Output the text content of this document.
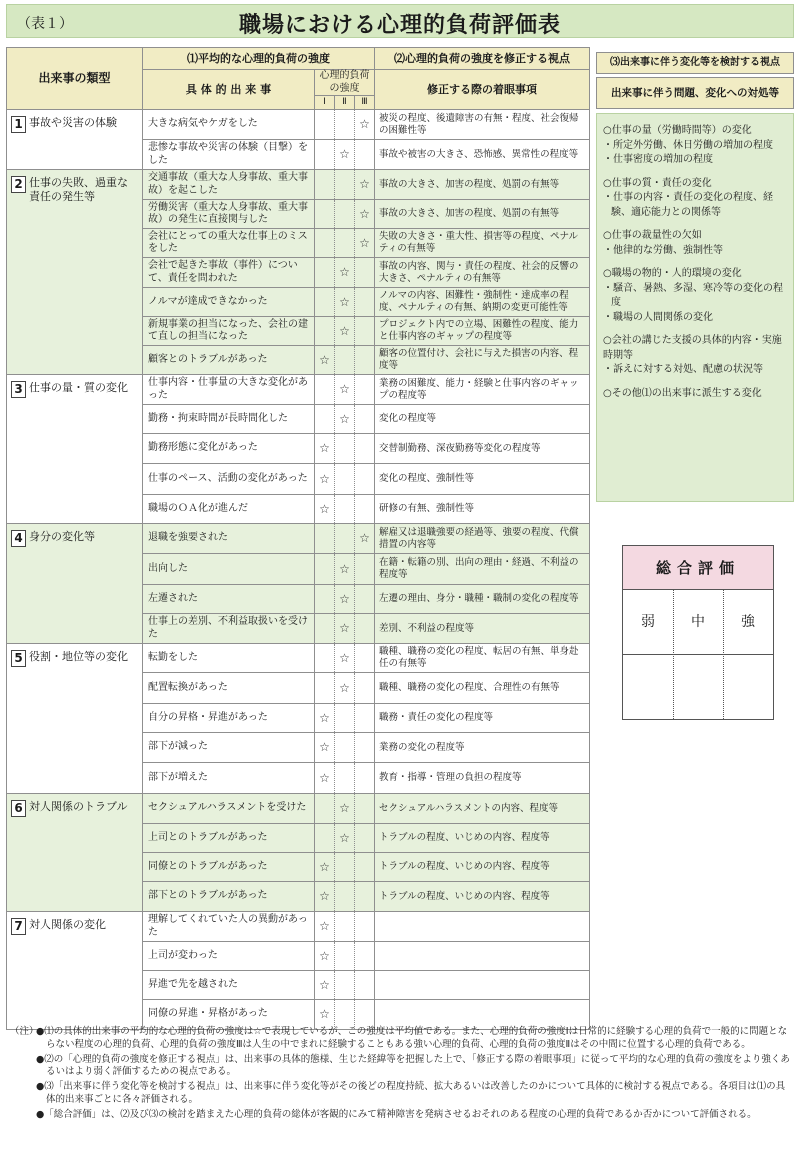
（表１）	職場における心理的負荷評価表
出来事の類型	⑴平均的な心理的負荷の強度				⑵心理的負荷の強度を修正する視点
	具 体 的 出 来 事	心理的負荷の強度			修正する際の着眼事項
		Ⅰ	Ⅱ	Ⅲ	

1 事故や災害の体験	大きな病気やケガをした			☆	被災の程度、後遺障害の有無・程度、社会復帰の困難性等
	悲惨な事故や災害の体験（目撃）をした		☆		事故や被害の大きさ、恐怖感、異常性の程度等
2 仕事の失敗、過重な責任の発生等	交通事故（重大な人身事故、重大事故）を起こした			☆	事故の大きさ、加害の程度、処罰の有無等
	労働災害（重大な人身事故、重大事故）の発生に直接関与した			☆	事故の大きさ、加害の程度、処罰の有無等
	会社にとっての重大な仕事上のミスをした			☆	失敗の大きさ・重大性、損害等の程度、ペナルティの有無等
	会社で起きた事故（事件）について、責任を問われた		☆		事故の内容、関与・責任の程度、社会的反響の大きさ、ペナルティの有無等
	ノルマが達成できなかった		☆		ノルマの内容、困難性・強制性・達成率の程度、ペナルティの有無、納期の変更可能性等
	新規事業の担当になった、会社の建て直しの担当になった		☆		プロジェクト内での立場、困難性の程度、能力と仕事内容のギャップの程度等
	顧客とのトラブルがあった	☆			顧客の位置付け、会社に与えた損害の内容、程度等
3 仕事の量・質の変化	仕事内容・仕事量の大きな変化があった		☆		業務の困難度、能力・経験と仕事内容のギャップの程度等
	勤務・拘束時間が長時間化した		☆		変化の程度等
	勤務形態に変化があった	☆			交替制勤務、深夜勤務等変化の程度等
	仕事のペース、活動の変化があった	☆			変化の程度、強制性等
	職場のＯＡ化が進んだ	☆			研修の有無、強制性等
4 身分の変化等	退職を強要された			☆	解雇又は退職強要の経過等、強要の程度、代償措置の内容等
	出向した		☆		在籍・転籍の別、出向の理由・経過、不利益の程度等
	左遷された		☆		左遷の理由、身分・職種・職制の変化の程度等
	仕事上の差別、不利益取扱いを受けた		☆		差別、不利益の程度等
5 役割・地位等の変化	転勤をした		☆		職種、職務の変化の程度、転居の有無、単身赴任の有無等
	配置転換があった		☆		職種、職務の変化の程度、合理性の有無等
	自分の昇格・昇進があった	☆			職務・責任の変化の程度等
	部下が減った	☆			業務の変化の程度等
	部下が増えた	☆			教育・指導・管理の負担の程度等
6 対人関係のトラブル	セクシュアルハラスメントを受けた		☆		セクシュアルハラスメントの内容、程度等
	上司とのトラブルがあった		☆		トラブルの程度、いじめの内容、程度等
	同僚とのトラブルがあった	☆			トラブルの程度、いじめの内容、程度等
	部下とのトラブルがあった	☆			トラブルの程度、いじめの内容、程度等
7 対人関係の変化	理解してくれていた人の異動があった	☆			
	上司が変わった	☆			
	昇進で先を越された	☆			
	同僚の昇進・昇格があった	☆			
⑶出来事に伴う変化等を検討する視点
出来事に伴う問題、変化への対処等
○仕事の量（労働時間等）の変化
・所定外労働、休日労働の増加の程度
・仕事密度の増加の程度
○仕事の質・責任の変化
・仕事の内容・責任の変化の程度、経験、適応能力との関係等
○仕事の裁量性の欠如
・他律的な労働、強制性等
○職場の物的・人的環境の変化
・騒音、暑熱、多湿、寒冷等の変化の程度
・職場の人間関係の変化
○会社の講じた支援の具体的内容・実施時期等
・訴えに対する対処、配慮の状況等
○その他⑴の出来事に派生する変化
総合評価
弱	中	強
（注）
●⑴の具体的出来事の平均的な心理的負荷の強度は☆で表現しているが、この強度は平均値である。また、心理的負荷の強度Ⅰは日常的に経験する心理的負荷で一般的に問題とならない程度の心理的負荷、心理的負荷の強度Ⅲは人生の中でまれに経験することもある強い心理的負荷、心理的負荷の強度Ⅱはその中間に位置する心理的負荷である。
●⑵の「心理的負荷の強度を修正する視点」は、出来事の具体的態様、生じた経緯等を把握した上で、「修正する際の着眼事項」に従って平均的な心理的負荷の強度をより強くあるいはより弱く評価するための視点である。
●⑶「出来事に伴う変化等を検討する視点」は、出来事に伴う変化等がその後どの程度持続、拡大あるいは改善したのかについて具体的に検討する視点である。各項目は⑴の具体的出来事ごとに各々評価される。
●「総合評価」は、⑵及び⑶の検討を踏まえた心理的負荷の総体が客観的にみて精神障害を発病させるおそれのある程度の心理的負荷であるか否かについて評価される。
